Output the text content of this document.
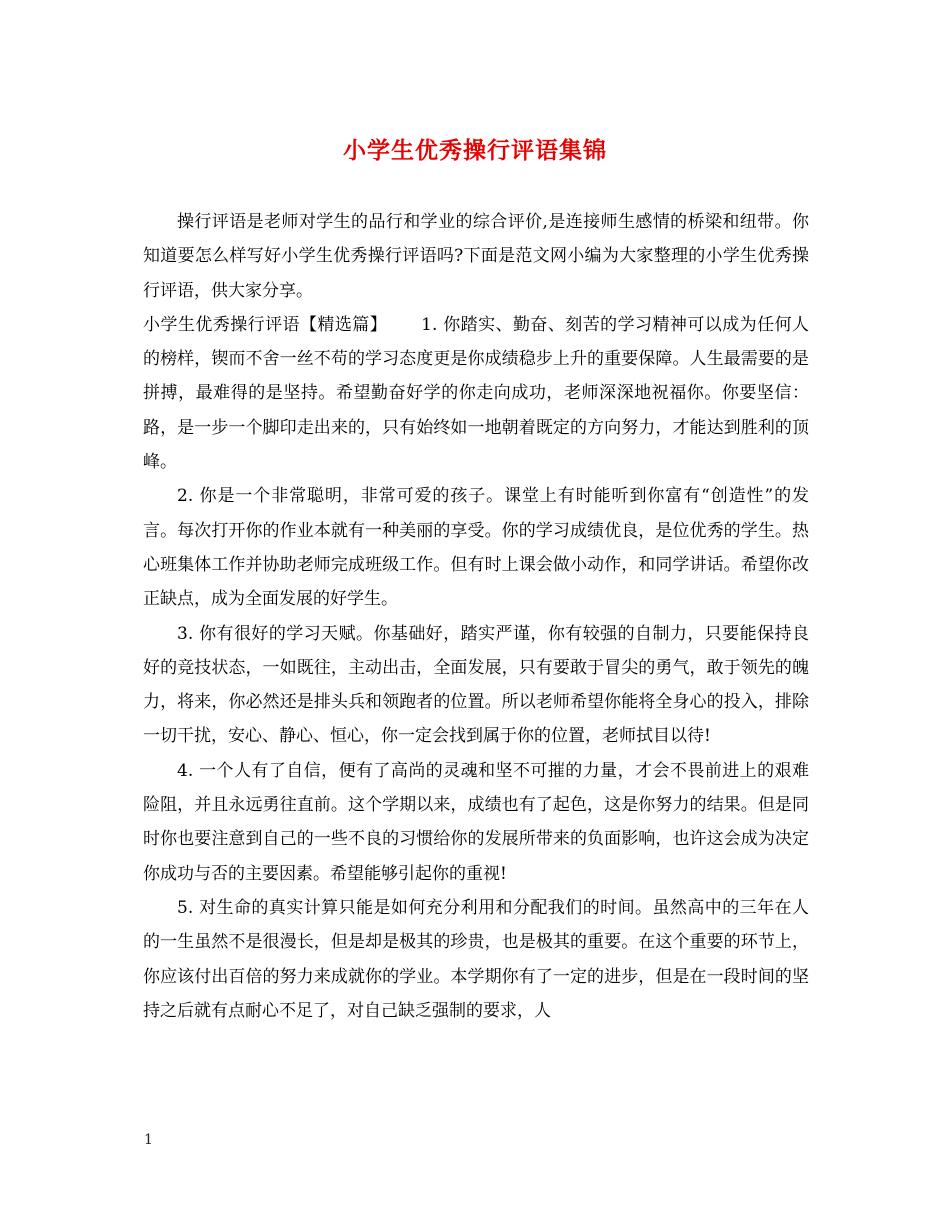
小学生优秀操行评语集锦

操行评语是老师对学生的品行和学业的综合评价,是连接师生感情的桥梁和纽带。你知道要怎么样写好小学生优秀操行评语吗?下面是范文网小编为大家整理的小学生优秀操行评语，供大家分享。

小学生优秀操行评语【精选篇】 1. 你踏实、勤奋、刻苦的学习精神可以成为任何人的榜样，锲而不舍一丝不苟的学习态度更是你成绩稳步上升的重要保障。人生最需要的是拼搏，最难得的是坚持。希望勤奋好学的你走向成功，老师深深地祝福你。你要坚信：路，是一步一个脚印走出来的，只有始终如一地朝着既定的方向努力，才能达到胜利的顶峰。

2. 你是一个非常聪明，非常可爱的孩子。课堂上有时能听到你富有“创造性”的发言。每次打开你的作业本就有一种美丽的享受。你的学习成绩优良，是位优秀的学生。热心班集体工作并协助老师完成班级工作。但有时上课会做小动作，和同学讲话。希望你改正缺点，成为全面发展的好学生。

3. 你有很好的学习天赋。你基础好，踏实严谨，你有较强的自制力，只要能保持良好的竞技状态，一如既往，主动出击，全面发展，只有要敢于冒尖的勇气，敢于领先的魄力，将来，你必然还是排头兵和领跑者的位置。所以老师希望你能将全身心的投入，排除一切干扰，安心、静心、恒心，你一定会找到属于你的位置，老师拭目以待!

4. 一个人有了自信，便有了高尚的灵魂和坚不可摧的力量，才会不畏前进上的艰难险阻，并且永远勇往直前。这个学期以来，成绩也有了起色，这是你努力的结果。但是同时你也要注意到自己的一些不良的习惯给你的发展所带来的负面影响，也许这会成为决定你成功与否的主要因素。希望能够引起你的重视!

5. 对生命的真实计算只能是如何充分利用和分配我们的时间。虽然高中的三年在人的一生虽然不是很漫长，但是却是极其的珍贵，也是极其的重要。在这个重要的环节上，你应该付出百倍的努力来成就你的学业。本学期你有了一定的进步，但是在一段时间的坚持之后就有点耐心不足了，对自己缺乏强制的要求，人

1
